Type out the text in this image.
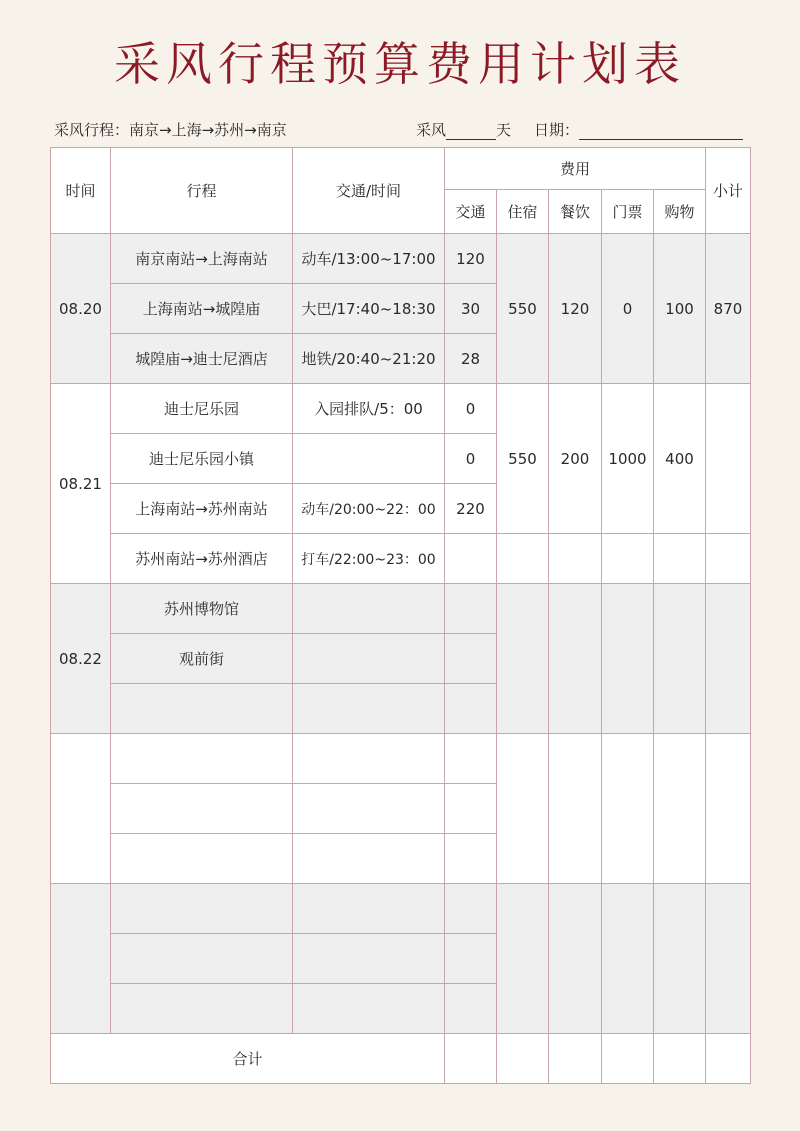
采风行程预算费用计划表
采风行程：南京→上海→苏州→南京	采风	天 日期：
时间	行程	交通/时间	费用					小计
			交通	住宿	餐饮	门票	购物	
08.20	南京南站→上海南站	动车/13:00~17:00	120	550	120	0	100	870
	上海南站→城隍庙	大巴/17:40~18:30	30					
	城隍庙→迪士尼酒店	地铁/20:40~21:20	28					
08.21	迪士尼乐园	入园排队/5：00	0	550	200	1000	400	
	迪士尼乐园小镇		0					
	上海南站→苏州南站	动车/20:00~22：00	220					
	苏州南站→苏州酒店	打车/22:00~23：00						
08.22	苏州博物馆							
	观前街							

合计								
